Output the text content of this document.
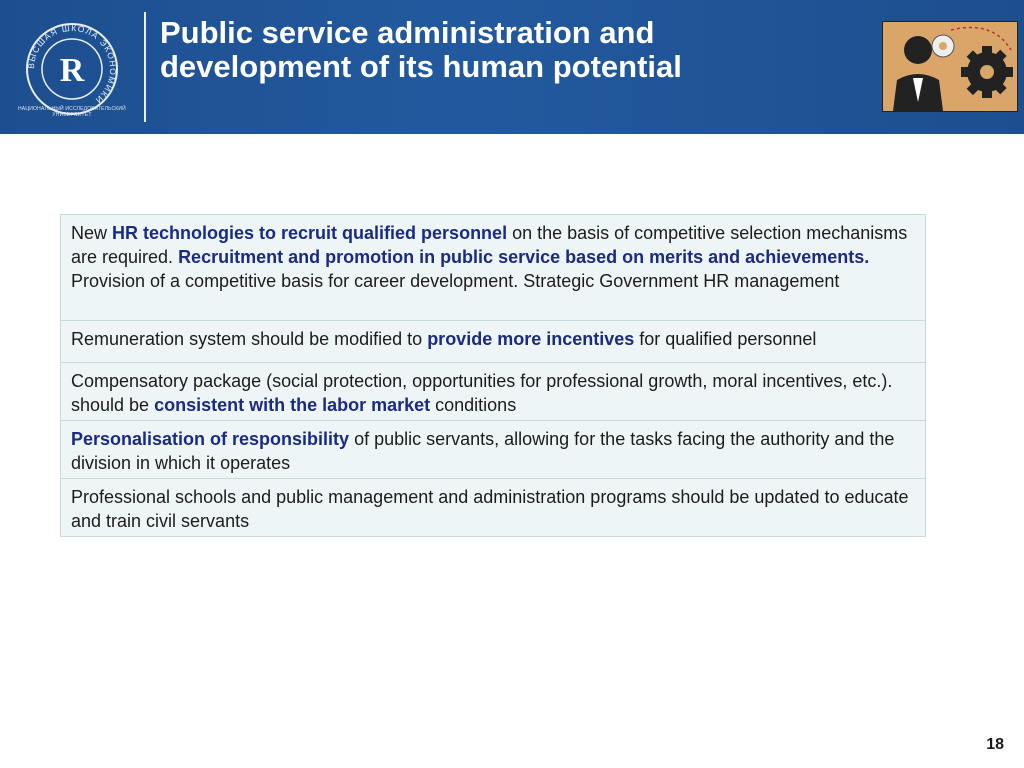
ВЫСШАЯ ШКОЛА ЭКОНОМИКИ
R
НАЦИОНАЛЬНЫЙ ИССЛЕДОВАТЕЛЬСКИЙ
УНИВЕРСИТЕТ
Public service administration and
development of its human potential
New HR technologies to recruit qualified personnel on the basis of competitive selection mechanisms are required. Recruitment and promotion in public service based on merits and achievements. Provision of a competitive basis for career development. Strategic Government HR management
Remuneration system should be modified to provide more incentives for qualified personnel
Compensatory package (social protection, opportunities for professional growth, moral incentives, etc.). should be consistent with the labor market conditions
Personalisation of responsibility of public servants, allowing for the tasks facing the authority and the division in which it operates
Professional schools and public management and administration programs should be updated to educate and train civil servants
18
